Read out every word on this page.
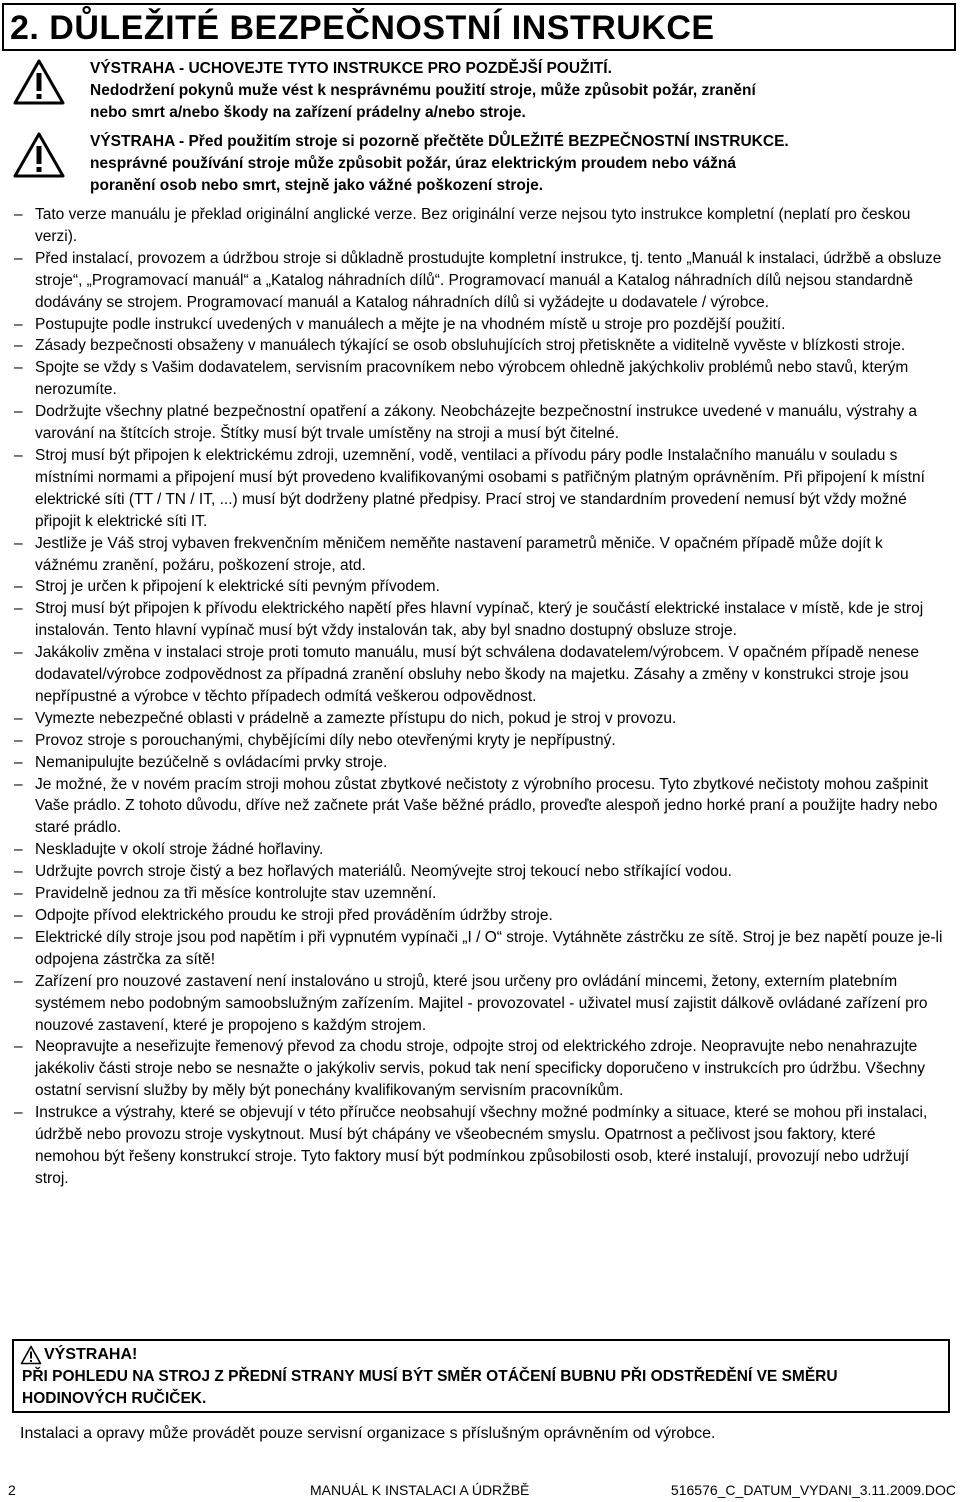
2. DŮLEŽITÉ BEZPEČNOSTNÍ INSTRUKCE
VÝSTRAHA - UCHOVEJTE TYTO INSTRUKCE PRO POZDĚJŠÍ POUŽITÍ.
Nedodržení pokynů muže vést k nesprávnému použití stroje, může způsobit požár, zranění
nebo smrt a/nebo škody na zařízení prádelny a/nebo stroje.
VÝSTRAHA - Před použitím stroje si pozorně přečtěte DŮLEŽITÉ BEZPEČNOSTNÍ INSTRUKCE.
nesprávné používání stroje může způsobit požár, úraz elektrickým proudem nebo vážná
poranění osob nebo smrt, stejně jako vážné poškození stroje.
– Tato verze manuálu je překlad originální anglické verze. Bez originální verze nejsou tyto instrukce kompletní (neplatí pro českou verzi).
– Před instalací, provozem a údržbou stroje si důkladně prostudujte kompletní instrukce, tj. tento „Manuál k instalaci, údržbě a obsluze stroje“, „Programovací manuál“ a „Katalog náhradních dílů“. Programovací manuál a Katalog náhradních dílů nejsou standardně dodávány se strojem. Programovací manuál a Katalog náhradních dílů si vyžádejte u dodavatele / výrobce.
– Postupujte podle instrukcí uvedených v manuálech a mějte je na vhodném místě u stroje pro pozdější použití.
– Zásady bezpečnosti obsaženy v manuálech týkající se osob obsluhujících stroj přetiskněte a viditelně vyvěste v blízkosti stroje.
– Spojte se vždy s Vašim dodavatelem, servisním pracovníkem nebo výrobcem ohledně jakýchkoliv problémů nebo stavů, kterým nerozumíte.
– Dodržujte všechny platné bezpečnostní opatření a zákony. Neobcházejte bezpečnostní instrukce uvedené v manuálu, výstrahy a varování na štítcích stroje. Štítky musí být trvale umístěny na stroji a musí být čitelné.
– Stroj musí být připojen k elektrickému zdroji, uzemnění, vodě, ventilaci a přívodu páry podle Instalačního manuálu v souladu s místními normami a připojení musí být provedeno kvalifikovanými osobami s patřičným platným oprávněním. Při připojení k místní elektrické síti (TT / TN / IT, ...) musí být dodrženy platné předpisy. Prací stroj ve standardním provedení nemusí být vždy možné připojit k elektrické síti IT.
– Jestliže je Váš stroj vybaven frekvenčním měničem neměňte nastavení parametrů měniče. V opačném případě může dojít k vážnému zranění, požáru, poškození stroje, atd.
– Stroj je určen k připojení k elektrické síti pevným přívodem.
– Stroj musí být připojen k přívodu elektrického napětí přes hlavní vypínač, který je součástí elektrické instalace v místě, kde je stroj instalován. Tento hlavní vypínač musí být vždy instalován tak, aby byl snadno dostupný obsluze stroje.
– Jakákoliv změna v instalaci stroje proti tomuto manuálu, musí být schválena dodavatelem/výrobcem. V opačném případě nenese dodavatel/výrobce zodpovědnost za případná zranění obsluhy nebo škody na majetku. Zásahy a změny v konstrukci stroje jsou nepřípustné a výrobce v těchto případech odmítá veškerou odpovědnost.
– Vymezte nebezpečné oblasti v prádelně a zamezte přístupu do nich, pokud je stroj v provozu.
– Provoz stroje s porouchanými, chybějícími díly nebo otevřenými kryty je nepřípustný.
– Nemanipulujte bezúčelně s ovládacími prvky stroje.
– Je možné, že v novém pracím stroji mohou zůstat zbytkové nečistoty z výrobního procesu. Tyto zbytkové nečistoty mohou zašpinit Vaše prádlo. Z tohoto důvodu, dříve než začnete prát Vaše běžné prádlo, proveďte alespoň jedno horké praní a použijte hadry nebo staré prádlo.
– Neskladujte v okolí stroje žádné hořlaviny.
– Udržujte povrch stroje čistý a bez hořlavých materiálů. Neomývejte stroj tekoucí nebo stříkající vodou.
– Pravidelně jednou za tři měsíce kontrolujte stav uzemnění.
– Odpojte přívod elektrického proudu ke stroji před prováděním údržby stroje.
– Elektrické díly stroje jsou pod napětím i při vypnutém vypínači „I / O“ stroje. Vytáhněte zástrčku ze sítě. Stroj je bez napětí pouze je-li odpojena zástrčka za sítě!
– Zařízení pro nouzové zastavení není instalováno u strojů, které jsou určeny pro ovládání mincemi, žetony, externím platebním systémem nebo podobným samoobslužným zařízením. Majitel - provozovatel - uživatel musí zajistit dálkově ovládané zařízení pro nouzové zastavení, které je propojeno s každým strojem.
– Neopravujte a neseřizujte řemenový převod za chodu stroje, odpojte stroj od elektrického zdroje. Neopravujte nebo nenahrazujte jakékoliv části stroje nebo se nesnažte o jakýkoliv servis, pokud tak není specificky doporučeno v instrukcích pro údržbu. Všechny ostatní servisní služby by měly být ponechány kvalifikovaným servisním pracovníkům.
– Instrukce a výstrahy, které se objevují v této příručce neobsahují všechny možné podmínky a situace, které se mohou při instalaci, údržbě nebo provozu stroje vyskytnout. Musí být chápány ve všeobecném smyslu. Opatrnost a pečlivost jsou faktory, které nemohou být řešeny konstrukcí stroje. Tyto faktory musí být podmínkou způsobilosti osob, které instalují, provozují nebo udržují stroj.
VÝSTRAHA!
PŘI POHLEDU NA STROJ Z PŘEDNÍ STRANY MUSÍ BÝT SMĚR OTÁČENÍ BUBNU PŘI ODSTŘEDĚNÍ VE SMĚRU HODINOVÝCH RUČIČEK.
Instalaci a opravy může provádět pouze servisní organizace s příslušným oprávněním od výrobce.
2	MANUÁL K INSTALACI A ÚDRŽBĚ	516576_C_DATUM_VYDANI_3.11.2009.DOC
